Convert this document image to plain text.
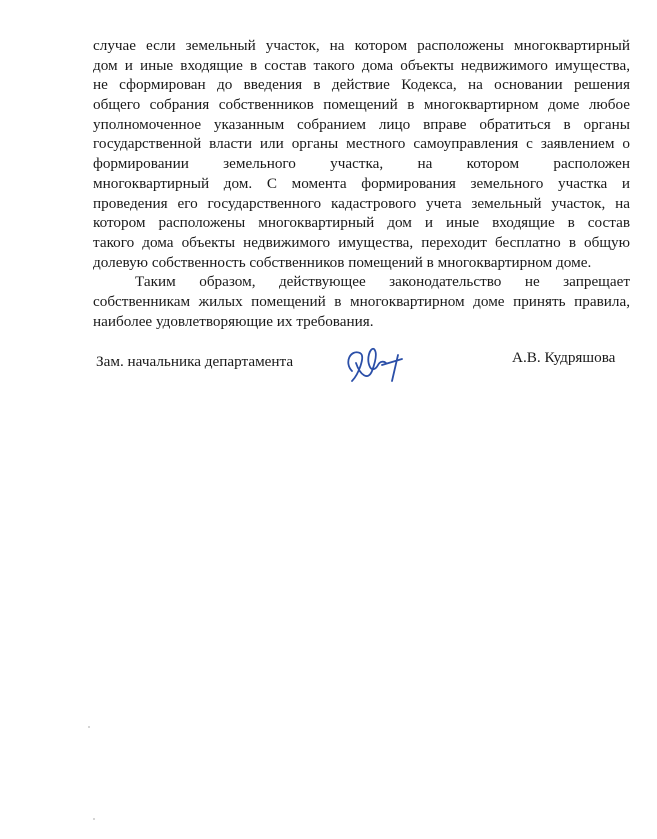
случае если земельный участок, на котором расположены многоквартирный
дом и иные входящие в состав такого дома объекты недвижимого имущества,
не сформирован до введения в действие Кодекса, на основании решения
общего собрания собственников помещений в многоквартирном доме любое
уполномоченное указанным собранием лицо вправе обратиться в органы
государственной власти или органы местного самоуправления с заявлением о
формировании земельного участка, на котором расположен
многоквартирный дом. С момента формирования земельного участка и
проведения его государственного кадастрового учета земельный участок, на
котором расположены многоквартирный дом и иные входящие в состав
такого дома объекты недвижимого имущества, переходит бесплатно в общую
долевую собственность собственников помещений в многоквартирном доме.
Таким образом, действующее законодательство не запрещает
собственникам жилых помещений в многоквартирном доме принять правила,
наиболее удовлетворяющие их требования.
Зам. начальника департамента	А.В. Кудряшова
